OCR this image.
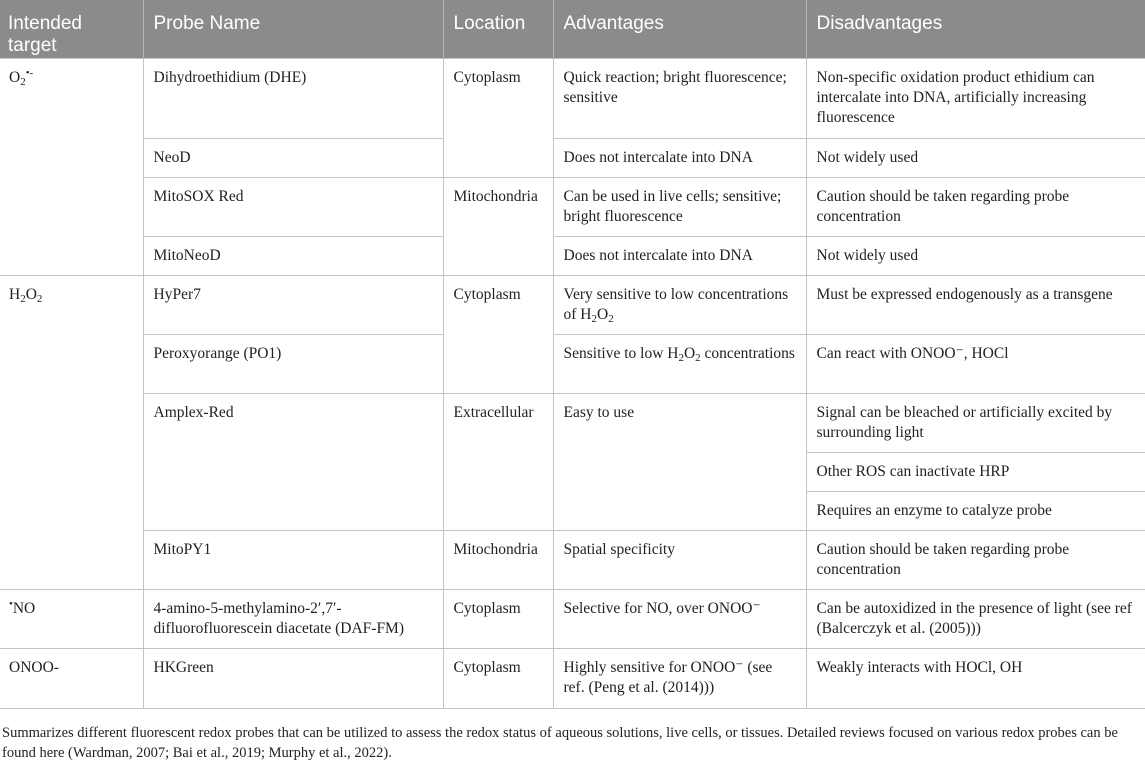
Intended target	Probe Name	Location	Advantages	Disadvantages
$O_2^{•-}$	Dihydroethidium (DHE)	Cytoplasm	Quick reaction; bright fluorescence; sensitive	Non-specific oxidation product ethidium can intercalate into DNA, artificially increasing fluorescence
	NeoD		Does not intercalate into DNA	Not widely used
	MitoSOX Red	Mitochondria	Can be used in live cells; sensitive; bright fluorescence	Caution should be taken regarding probe concentration
	MitoNeoD		Does not intercalate into DNA	Not widely used
$H_2O_2$	HyPer7	Cytoplasm	Very sensitive to low concentrations of $H_2O_2$	Must be expressed endogenously as a transgene
	Peroxyorange (PO1)		Sensitive to low $H_2O_2$ concentrations	Can react with ONOO⁻, HOCl
	Amplex-Red	Extracellular	Easy to use	Signal can be bleached or artificially excited by surrounding light
				Other ROS can inactivate HRP
				Requires an enzyme to catalyze probe
	MitoPY1	Mitochondria	Spatial specificity	Caution should be taken regarding probe concentration
•NO	4-amino-5-methylamino-2′,7′-difluorofluorescein diacetate (DAF-FM)	Cytoplasm	Selective for NO, over ONOO⁻	Can be autoxidized in the presence of light (see ref (Balcerczyk et al. (2005)))
ONOO-	HKGreen	Cytoplasm	Highly sensitive for ONOO⁻ (see ref. (Peng et al. (2014)))	Weakly interacts with HOCl, OH

Summarizes different fluorescent redox probes that can be utilized to assess the redox status of aqueous solutions, live cells, or tissues. Detailed reviews focused on various redox probes can be found here (Wardman, 2007; Bai et al., 2019; Murphy et al., 2022).
